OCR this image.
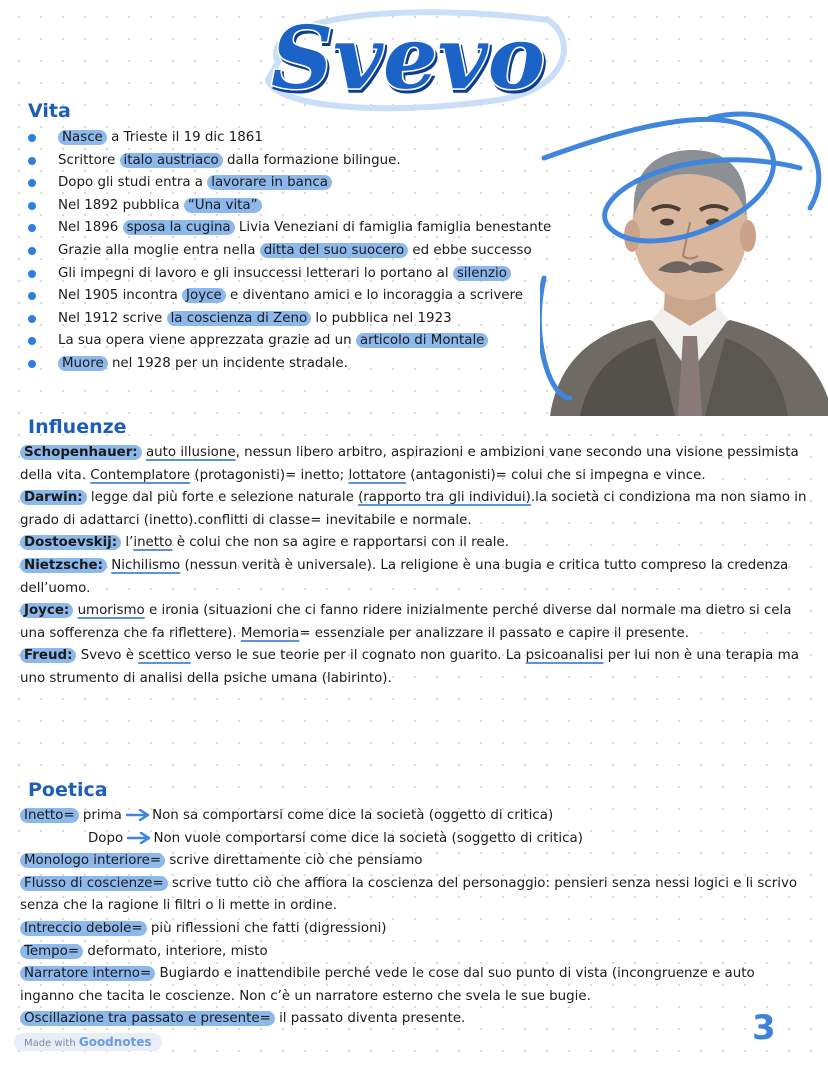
Svevo
Vita
Nasce a Trieste il 19 dic 1861
Scrittore italo austriaco dalla formazione bilingue.
Dopo gli studi entra a lavorare in banca
Nel 1892 pubblica “Una vita”
Nel 1896 sposa la cugina Livia Veneziani di famiglia famiglia benestante
Grazie alla moglie entra nella ditta del suo suocero ed ebbe successo
Gli impegni di lavoro e gli insuccessi letterari lo portano al silenzio
Nel 1905 incontra Joyce e diventano amici e lo incoraggia a scrivere
Nel 1912 scrive la coscienza di Zeno lo pubblica nel 1923
La sua opera viene apprezzata grazie ad un articolo di Montale
Muore nel 1928 per un incidente stradale.
Influenze

Schopenhauer: auto illusione, nessun libero arbitro, aspirazioni e ambizioni vane secondo una visione pessimista della vita. Contemplatore (protagonisti)= inetto; lottatore (antagonisti)= colui che si impegna e vince.

Darwin: legge dal più forte e selezione naturale (rapporto tra gli individui).la società ci condiziona ma non siamo in grado di adattarci (inetto).conflitti di classe= inevitabile e normale.

Dostoevskij: l’inetto è colui che non sa agire e rapportarsi con il reale.

Nietzsche: Nichilismo (nessun verità è universale). La religione è una bugia e critica tutto compreso la credenza dell’uomo.

Joyce: umorismo e ironia (situazioni che ci fanno ridere inizialmente perché diverse dal normale ma dietro si cela una sofferenza che fa riflettere). Memoria= essenziale per analizzare il passato e capire il presente.

Freud: Svevo è scettico verso le sue teorie per il cognato non guarito. La psicoanalisi per lui non è una terapia ma uno strumento di analisi della psiche umana (labirinto).

Poetica

Inetto= prima Non sa comportarsi come dice la società (oggetto di critica)

Dopo Non vuole comportarsi come dice la società (soggetto di critica)

Monologo interiore= scrive direttamente ciò che pensiamo

Flusso di coscienze= scrive tutto ciò che affiora la coscienza del personaggio: pensieri senza nessi logici e li scrivo senza che la ragione li filtri o li mette in ordine.

Intreccio debole= più riflessioni che fatti (digressioni)

Tempo= deformato, interiore, misto

Narratore interno= Bugiardo e inattendibile perché vede le cose dal suo punto di vista (incongruenze e auto inganno che tacita le coscienze. Non c’è un narratore esterno che svela le sue bugie.

Oscillazione tra passato e presente= il passato diventa presente.	3

Made with Goodnotes
